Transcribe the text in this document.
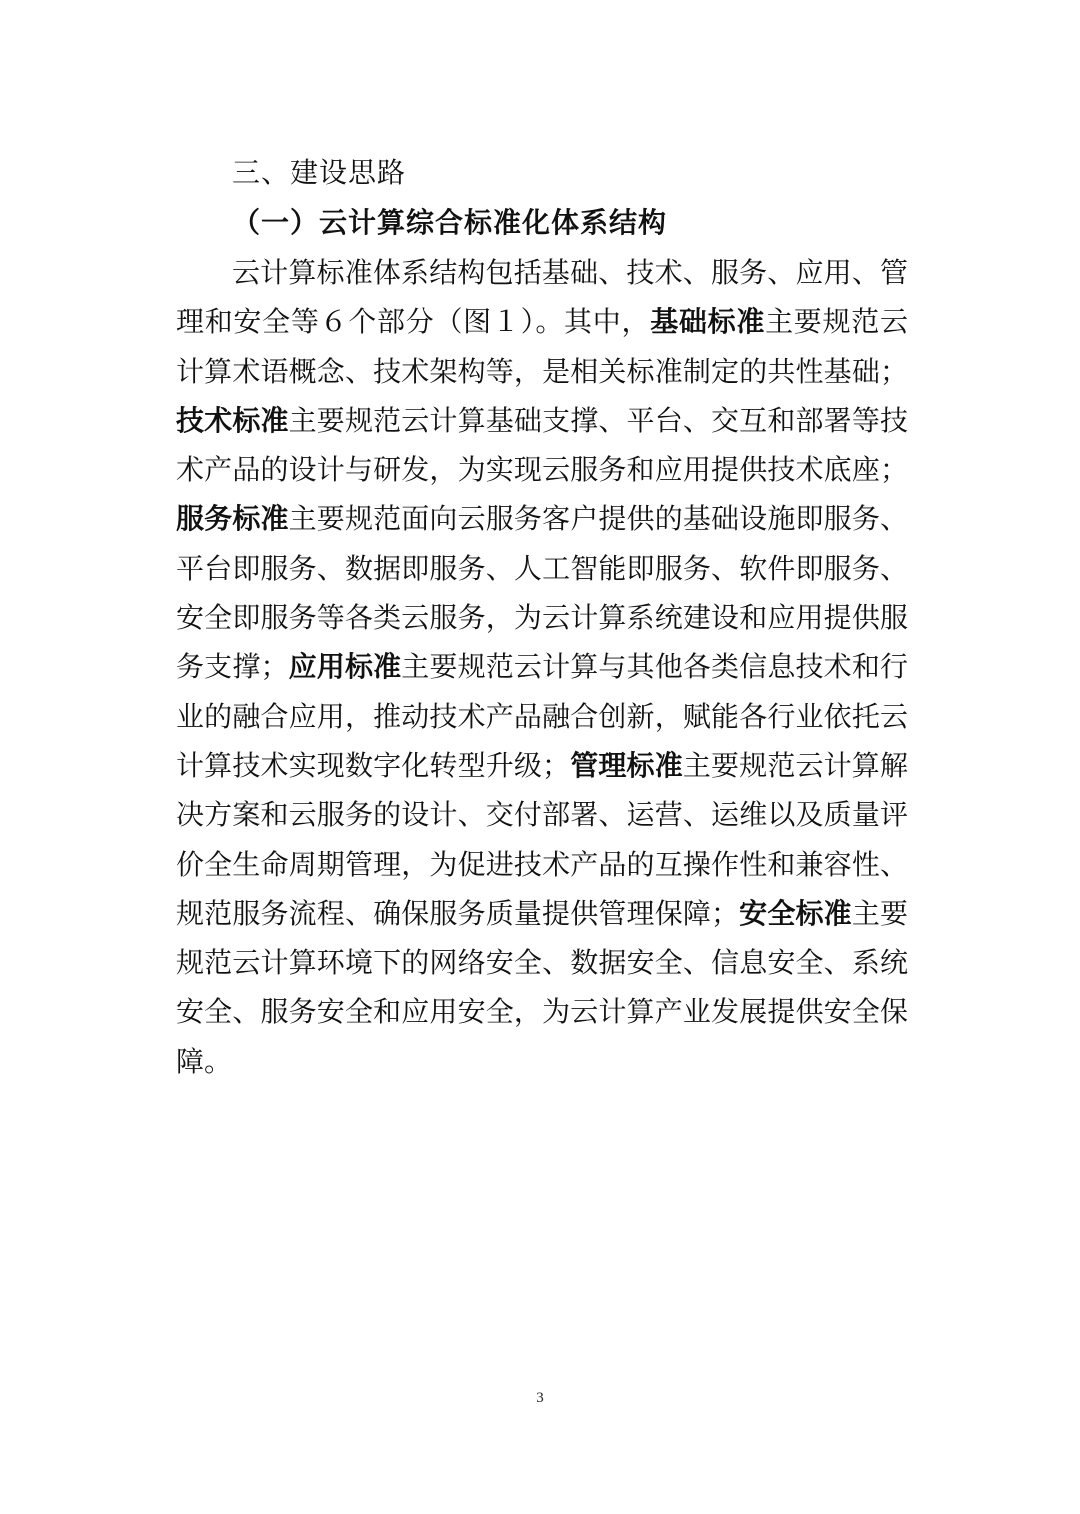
三、建设思路
（一）云计算综合标准化体系结构
云计算标准体系结构包括基础、技术、服务、应用、管
理和安全等６个部分（图１）。其中，基础标准主要规范云
计算术语概念、技术架构等，是相关标准制定的共性基础；
技术标准主要规范云计算基础支撑、平台、交互和部署等技
术产品的设计与研发，为实现云服务和应用提供技术底座；
服务标准主要规范面向云服务客户提供的基础设施即服务、
平台即服务、数据即服务、人工智能即服务、软件即服务、
安全即服务等各类云服务，为云计算系统建设和应用提供服
务支撑；应用标准主要规范云计算与其他各类信息技术和行
业的融合应用，推动技术产品融合创新，赋能各行业依托云
计算技术实现数字化转型升级；管理标准主要规范云计算解
决方案和云服务的设计、交付部署、运营、运维以及质量评
价全生命周期管理，为促进技术产品的互操作性和兼容性、
规范服务流程、确保服务质量提供管理保障；安全标准主要
规范云计算环境下的网络安全、数据安全、信息安全、系统
安全、服务安全和应用安全，为云计算产业发展提供安全保
障。
3
